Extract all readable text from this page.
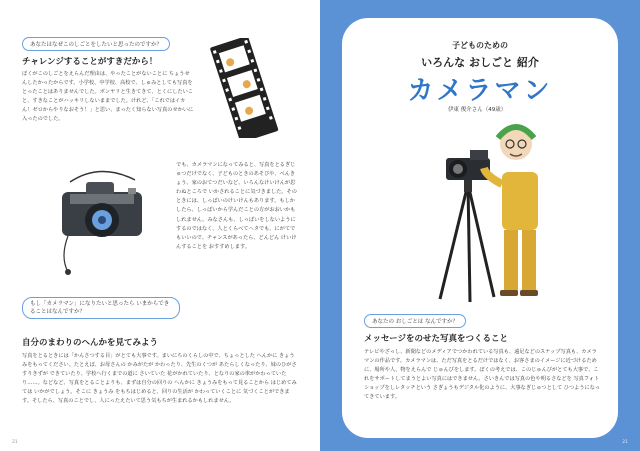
あなたはなぜこのしごとをしたいと思ったのですか？
チャレンジすることがすきだから！
ぼくがこのしごとをえらんだ理由は、やったことがないことに ちょうせんしたかったからです。小学校、中学校、高校で、しゅみとしても写真をとったことはありませんでした。ボンヤリと生きてきて、とくにしたいこと、すきなことがハッキリしないままでした。けれど、「これではイカん！ゼロからやりなおそう！」と思い、まったく知らない写真のせかいに入ったのでした。
でも、カメラマンになってみると、写真をとるぎじゅつだけでなく、子どものときのあそびや、べんきょう、家のおてつだいなど、いろんなけいけんが思わぬところで いかされることに気づきました。そのときには、しっぱいのけいけんもあります。もしかしたら、しっぱいから学んだことの方がおおいかもしれません。みなさんも、しっぱいをしないようにするのではなく、人とくらべてヘタでも、にがてでもいいので、チャンスがあったら、どんどん けいけんすることを おすすめします。
もし「カメラマン」になりたいと思ったら いまからできることはなんですか？
自分のまわりのへんかを見てみよう
写真をとるときには「かんさつする目」がとても大事です。まいにちのくらしの中で、ちょっとした へんかに きょうみをもってください。たとえば、お母さんの かみがたが かわったり、先生のくつが あたらしくなったり、妹のひがさ すりきずが できていたり、学校へ行くまでの道に さいていた 花がかれていたり、となりの家の車がかわっていたり……。などなど、写真をとることよりも、まずは自分の回りの へんかに きょうみをもって見ることから はじめてみては いかがでしょう。そこに きょうみ をもちはじめると、回りの生活が かわっていくことに 気づくことができます。そしたら、写真のことでし、人にったえたいて思う気もちが生まれるかもしれません。
21
子どものための
いろんな おしごと 紹介
カメラマン
伊東 俊介さん（49歳）
あなたの おしごとは なんですか？
メッセージをのせた写真をつくること
テレビやざっし、新聞などのメディアでつかわれている写真も、遠足などのスナップ写真も、カメラマンの作品です。カメラマンは、ただ写真をとるだけではなく、お客さまのイメージに近づけるために、場所や人、物をえらんで じゅんびをします。ぼくの考えでは、このじゅんびがとても大事で、これをサポートしてまうとよい写真にはできません。さいきんでは写真の色や明るさなどを 写真フォトショップをしレタッチという さぎょうもデジタル化のように、大事なぎじゅつとして ひつようになってきています。
21
